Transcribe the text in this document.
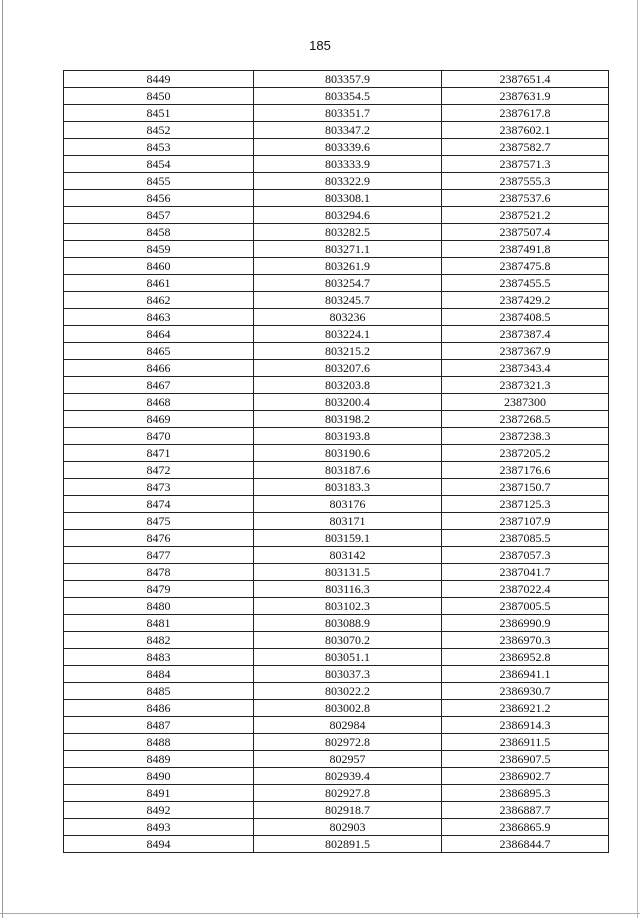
185
8449	803357.9	2387651.4
8450	803354.5	2387631.9
8451	803351.7	2387617.8
8452	803347.2	2387602.1
8453	803339.6	2387582.7
8454	803333.9	2387571.3
8455	803322.9	2387555.3
8456	803308.1	2387537.6
8457	803294.6	2387521.2
8458	803282.5	2387507.4
8459	803271.1	2387491.8
8460	803261.9	2387475.8
8461	803254.7	2387455.5
8462	803245.7	2387429.2
8463	803236	2387408.5
8464	803224.1	2387387.4
8465	803215.2	2387367.9
8466	803207.6	2387343.4
8467	803203.8	2387321.3
8468	803200.4	2387300
8469	803198.2	2387268.5
8470	803193.8	2387238.3
8471	803190.6	2387205.2
8472	803187.6	2387176.6
8473	803183.3	2387150.7
8474	803176	2387125.3
8475	803171	2387107.9
8476	803159.1	2387085.5
8477	803142	2387057.3
8478	803131.5	2387041.7
8479	803116.3	2387022.4
8480	803102.3	2387005.5
8481	803088.9	2386990.9
8482	803070.2	2386970.3
8483	803051.1	2386952.8
8484	803037.3	2386941.1
8485	803022.2	2386930.7
8486	803002.8	2386921.2
8487	802984	2386914.3
8488	802972.8	2386911.5
8489	802957	2386907.5
8490	802939.4	2386902.7
8491	802927.8	2386895.3
8492	802918.7	2386887.7
8493	802903	2386865.9
8494	802891.5	2386844.7
